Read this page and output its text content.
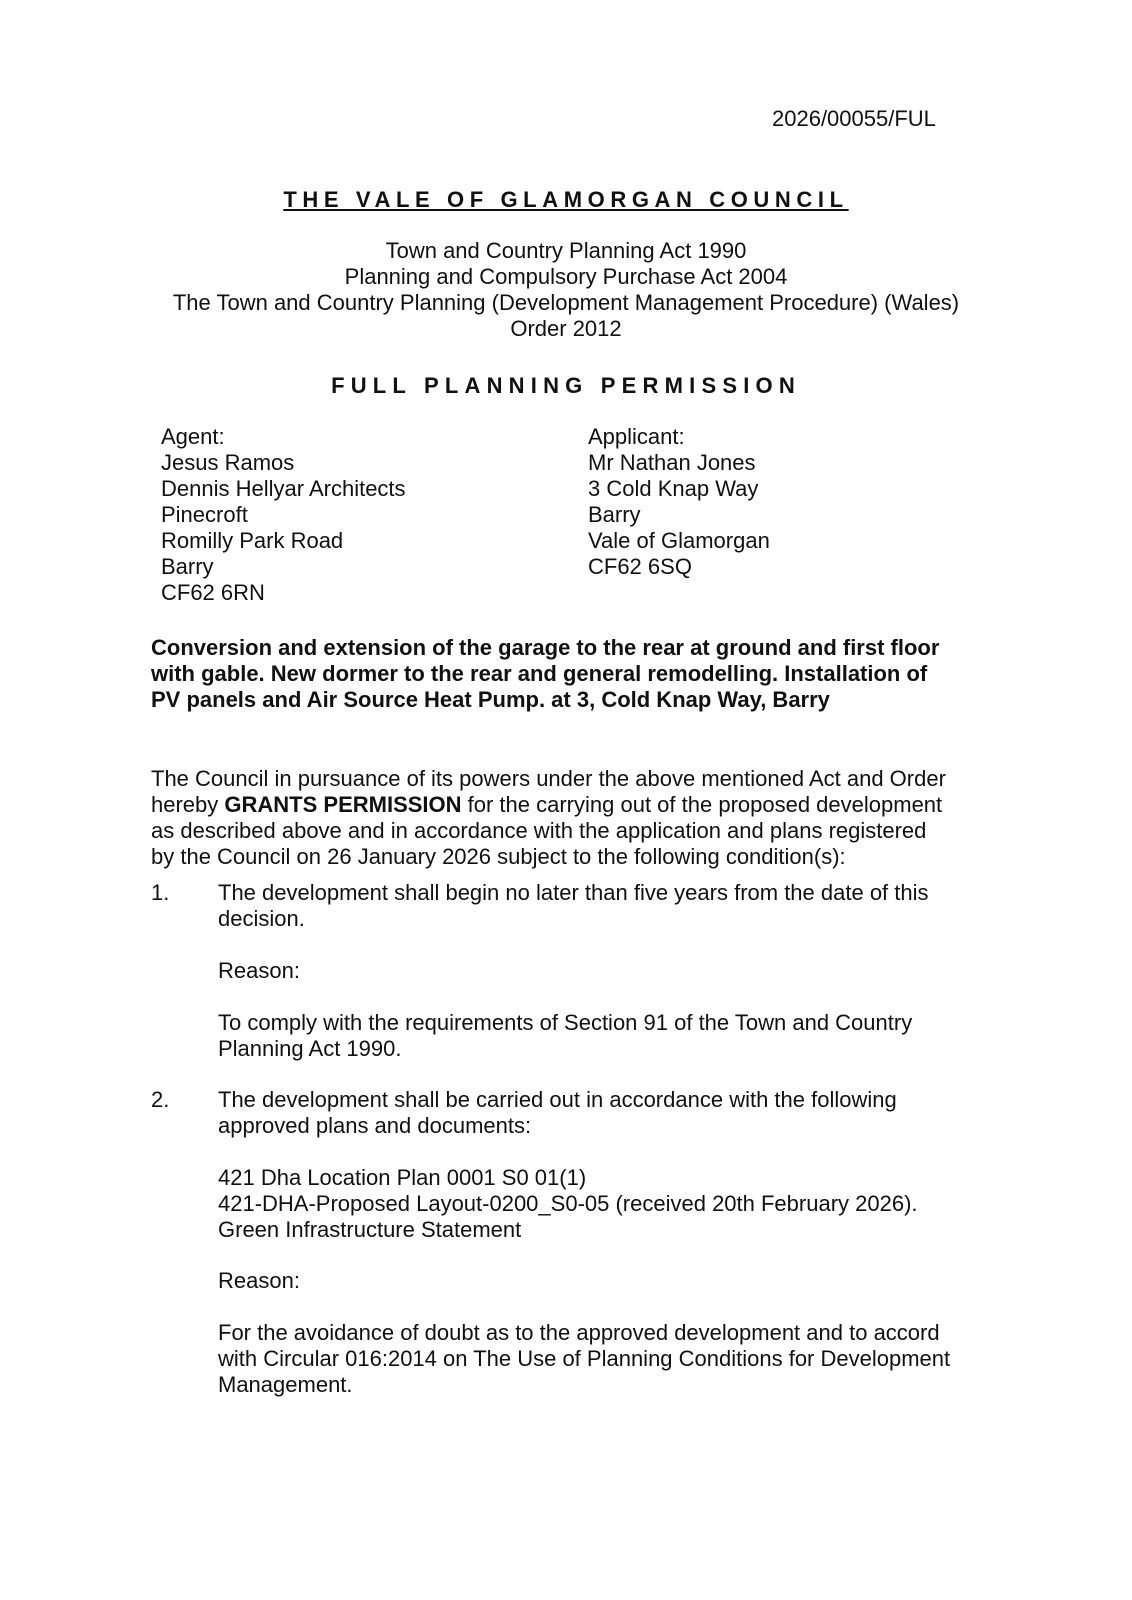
2026/00055/FUL
THE VALE OF GLAMORGAN COUNCIL
Town and Country Planning Act 1990
Planning and Compulsory Purchase Act 2004
The Town and Country Planning (Development Management Procedure) (Wales)
Order 2012
FULL PLANNING PERMISSION
Agent:
Jesus Ramos
Dennis Hellyar Architects
Pinecroft
Romilly Park Road
Barry
CF62 6RN
Applicant:
Mr Nathan Jones
3 Cold Knap Way
Barry
Vale of Glamorgan
CF62 6SQ
Conversion and extension of the garage to the rear at ground and first floor
with gable. New dormer to the rear and general remodelling. Installation of
PV panels and Air Source Heat Pump. at 3, Cold Knap Way, Barry
The Council in pursuance of its powers under the above mentioned Act and Order
hereby GRANTS PERMISSION for the carrying out of the proposed development
as described above and in accordance with the application and plans registered
by the Council on 26 January 2026 subject to the following condition(s):
1. The development shall begin no later than five years from the date of this
decision.
Reason:
To comply with the requirements of Section 91 of the Town and Country
Planning Act 1990.
2. The development shall be carried out in accordance with the following
approved plans and documents:
421 Dha Location Plan 0001 S0 01(1)
421-DHA-Proposed Layout-0200_S0-05 (received 20th February 2026).
Green Infrastructure Statement
Reason:
For the avoidance of doubt as to the approved development and to accord
with Circular 016:2014 on The Use of Planning Conditions for Development
Management.
